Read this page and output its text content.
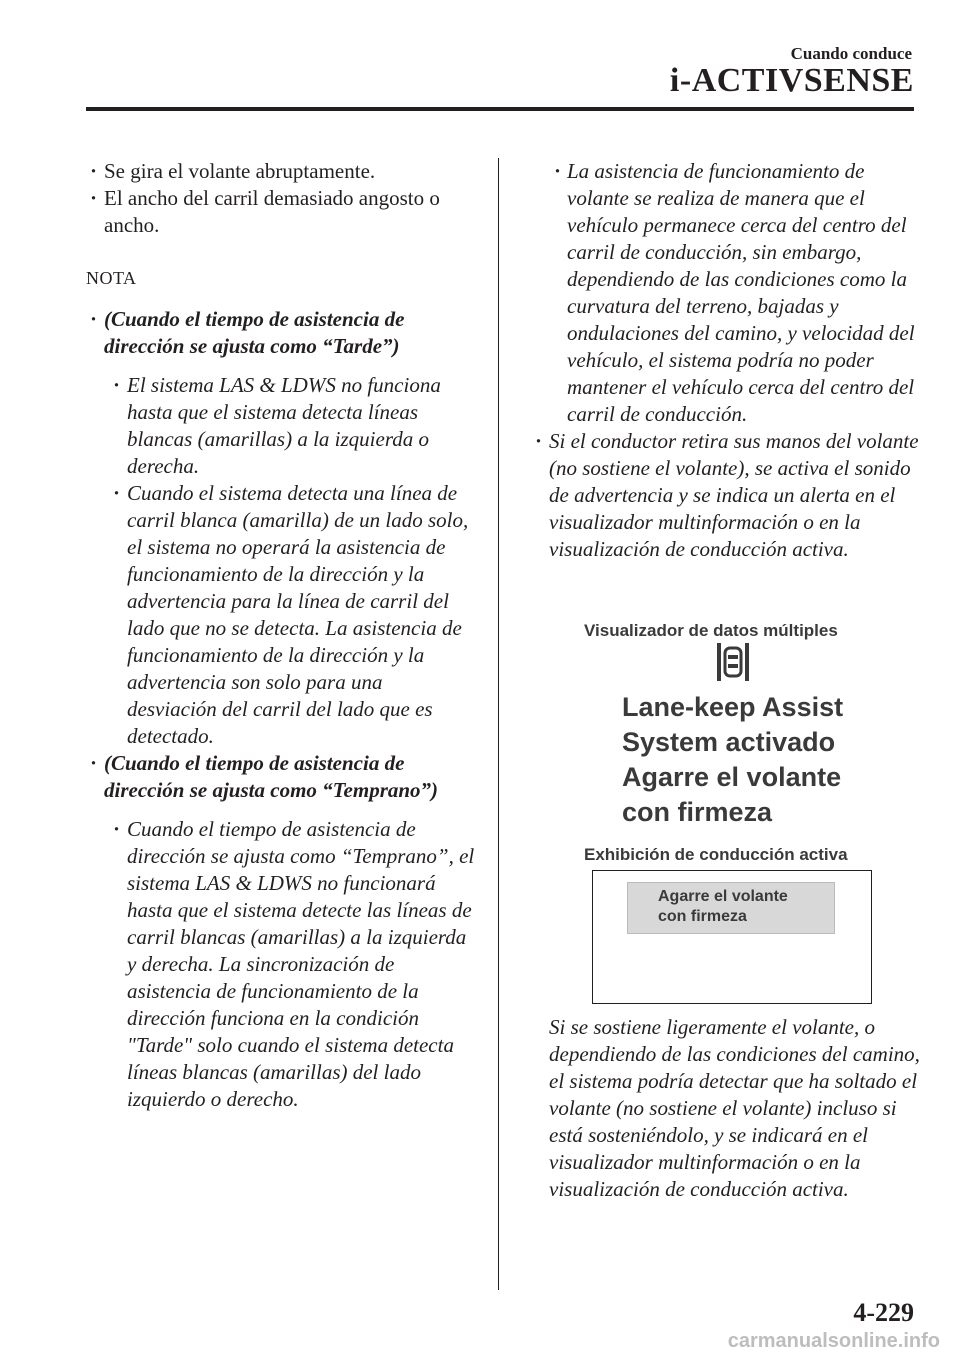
Cuando conduce
i-ACTIVSENSE
· Se gira el volante abruptamente.
· El ancho del carril demasiado angosto o ancho.
NOTA
· (Cuando el tiempo de asistencia de dirección se ajusta como “Tarde”)
· El sistema LAS & LDWS no funciona hasta que el sistema detecta líneas blancas (amarillas) a la izquierda o derecha.
· Cuando el sistema detecta una línea de carril blanca (amarilla) de un lado solo, el sistema no operará la asistencia de funcionamiento de la dirección y la advertencia para la línea de carril del lado que no se detecta. La asistencia de funcionamiento de la dirección y la advertencia son solo para una desviación del carril del lado que es detectado.
· (Cuando el tiempo de asistencia de dirección se ajusta como “Temprano”)
· Cuando el tiempo de asistencia de dirección se ajusta como “Temprano”, el sistema LAS & LDWS no funcionará hasta que el sistema detecte las líneas de carril blancas (amarillas) a la izquierda y derecha. La sincronización de asistencia de funcionamiento de la dirección funciona en la condición "Tarde" solo cuando el sistema detecta líneas blancas (amarillas) del lado izquierdo o derecho.
· La asistencia de funcionamiento de volante se realiza de manera que el vehículo permanece cerca del centro del carril de conducción, sin embargo, dependiendo de las condiciones como la curvatura del terreno, bajadas y ondulaciones del camino, y velocidad del vehículo, el sistema podría no poder mantener el vehículo cerca del centro del carril de conducción.
· Si el conductor retira sus manos del volante (no sostiene el volante), se activa el sonido de advertencia y se indica un alerta en el visualizador multinformación o en la visualización de conducción activa.
Visualizador de datos múltiples
Lane-keep Assist
System activado
Agarre el volante
con firmeza
Exhibición de conducción activa
Agarre el volante
con firmeza
Si se sostiene ligeramente el volante, o dependiendo de las condiciones del camino, el sistema podría detectar que ha soltado el volante (no sostiene el volante) incluso si está sosteniéndolo, y se indicará en el visualizador multinformación o en la visualización de conducción activa.
4-229
carmanualsonline.info
